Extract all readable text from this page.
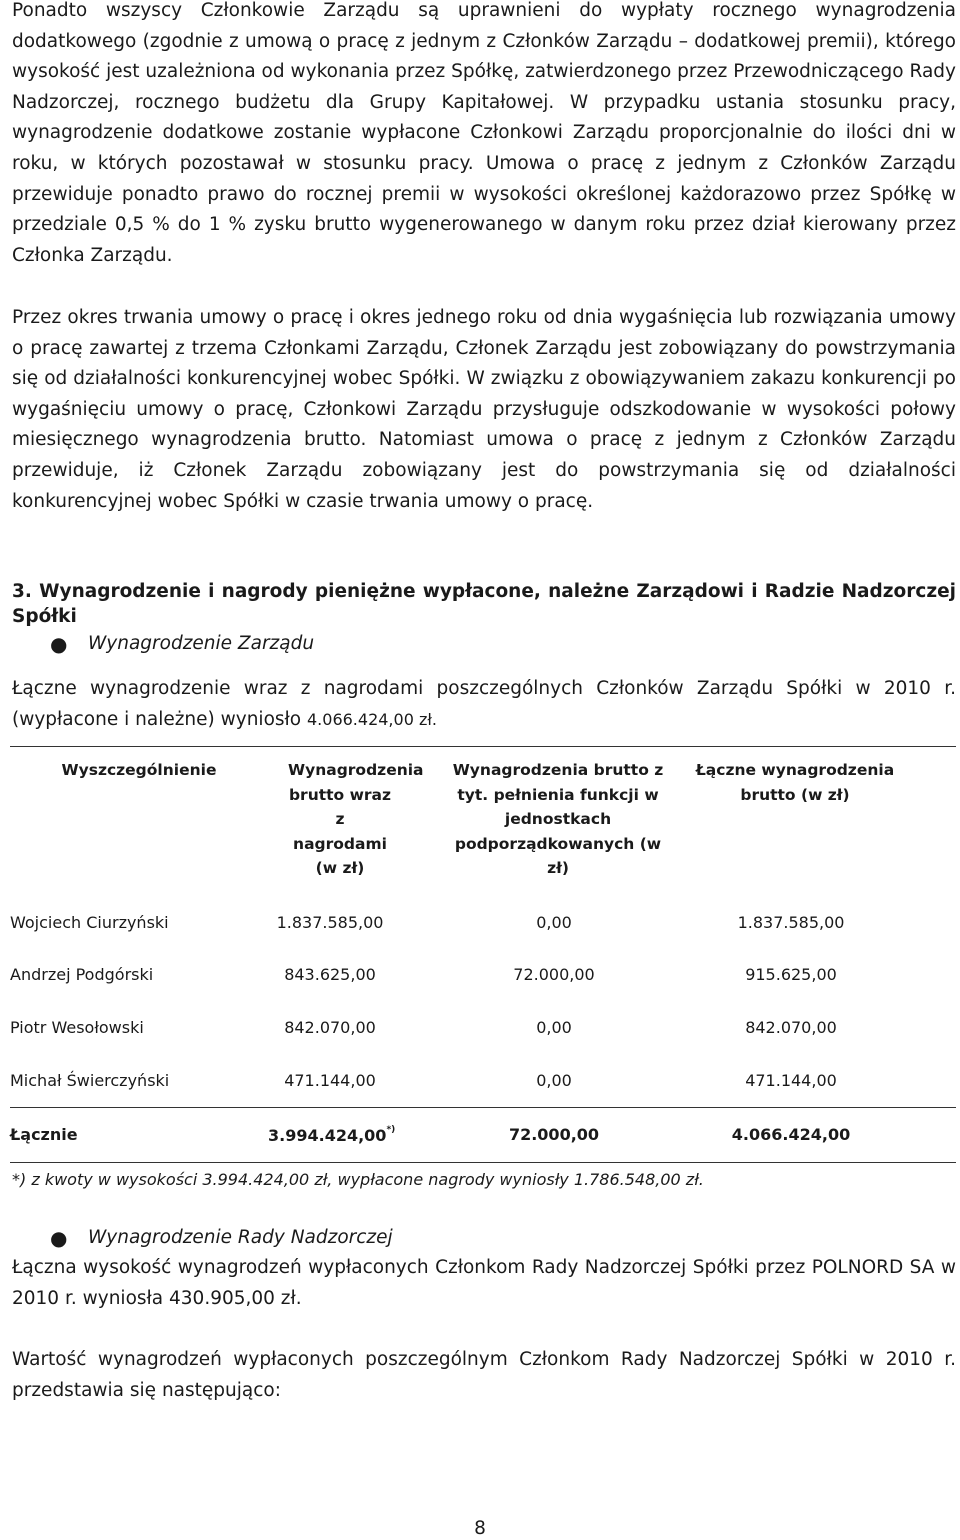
Ponadto wszyscy Członkowie Zarządu są uprawnieni do wypłaty rocznego wynagrodzenia dodatkowego (zgodnie z umową o pracę z jednym z Członków Zarządu – dodatkowej premii), którego wysokość jest uzależniona od wykonania przez Spółkę, zatwierdzonego przez Przewodniczącego Rady Nadzorczej, rocznego budżetu dla Grupy Kapitałowej. W przypadku ustania stosunku pracy, wynagrodzenie dodatkowe zostanie wypłacone Członkowi Zarządu proporcjonalnie do ilości dni w roku, w których pozostawał w stosunku pracy. Umowa o pracę z jednym z Członków Zarządu przewiduje ponadto prawo do rocznej premii w wysokości określonej każdorazowo przez Spółkę w przedziale 0,5 % do 1 % zysku brutto wygenerowanego w danym roku przez dział kierowany przez Członka Zarządu.

Przez okres trwania umowy o pracę i okres jednego roku od dnia wygaśnięcia lub rozwiązania umowy o pracę zawartej z trzema Członkami Zarządu, Członek Zarządu jest zobowiązany do powstrzymania się od działalności konkurencyjnej wobec Spółki. W związku z obowiązywaniem zakazu konkurencji po wygaśnięciu umowy o pracę, Członkowi Zarządu przysługuje odszkodowanie w wysokości połowy miesięcznego wynagrodzenia brutto. Natomiast umowa o pracę z jednym z Członków Zarządu przewiduje, iż Członek Zarządu zobowiązany jest do powstrzymania się od działalności konkurencyjnej wobec Spółki w czasie trwania umowy o pracę.

3. Wynagrodzenie i nagrody pieniężne wypłacone, należne Zarządowi i Radzie Nadzorczej Spółki

● Wynagrodzenie Zarządu

Łączne wynagrodzenie wraz z nagrodami poszczególnych Członków Zarządu Spółki w 2010 r. (wypłacone i należne) wyniosło 4.066.424,00 zł.

Wyszczególnienie	Wynagrodzenia brutto wraz z nagrodami (w zł)	Wynagrodzenia brutto z tyt. pełnienia funkcji w jednostkach podporządkowanych (w zł)	Łączne wynagrodzenia brutto (w zł)
Wojciech Ciurzyński	1.837.585,00	0,00	1.837.585,00
Andrzej Podgórski	843.625,00	72.000,00	915.625,00
Piotr Wesołowski	842.070,00	0,00	842.070,00
Michał Świerczyński	471.144,00	0,00	471.144,00
Łącznie	3.994.424,00*)	72.000,00	4.066.424,00

*) z kwoty w wysokości 3.994.424,00 zł, wypłacone nagrody wyniosły 1.786.548,00 zł.

● Wynagrodzenie Rady Nadzorczej

Łączna wysokość wynagrodzeń wypłaconych Członkom Rady Nadzorczej Spółki przez POLNORD SA w 2010 r. wyniosła 430.905,00 zł.

Wartość wynagrodzeń wypłaconych poszczególnym Członkom Rady Nadzorczej Spółki w 2010 r. przedstawia się następująco:

8
